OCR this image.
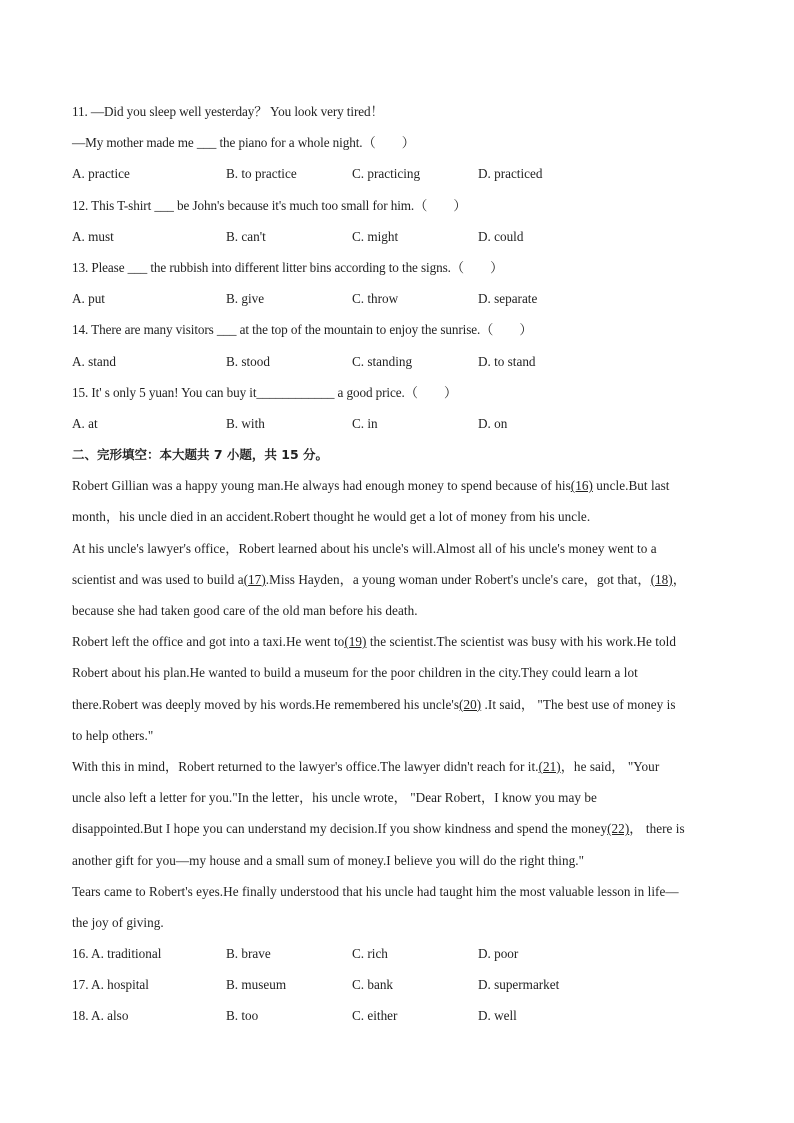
11. —Did you sleep well yesterday？ You look very tired！
—My mother made me ___ the piano for a whole night.（　　）
A. practice	B. to practice	C. practicing	D. practiced
12. This T-shirt ___ be John's because it's much too small for him.（　　）
A. must	B. can't	C. might	D. could
13. Please ___ the rubbish into different litter bins according to the signs.（　　）
A. put	B. give	C. throw	D. separate
14. There are many visitors ___ at the top of the mountain to enjoy the sunrise.（　　）
A. stand	B. stood	C. standing	D. to stand
15. It' s only 5 yuan! You can buy it____________ a good price.（　　）
A. at	B. with	C. in	D. on
二、完形填空：本大题共 7 小题，共 15 分。
Robert Gillian was a happy young man.He always had enough money to spend because of his(16) uncle.But last
month，his uncle died in an accident.Robert thought he would get a lot of money from his uncle.
At his uncle's lawyer's office，Robert learned about his uncle's will.Almost all of his uncle's money went to a
scientist and was used to build a(17).Miss Hayden，a young woman under Robert's uncle's care，got that，(18)，
because she had taken good care of the old man before his death.
Robert left the office and got into a taxi.He went to(19) the scientist.The scientist was busy with his work.He told
Robert about his plan.He wanted to build a museum for the poor children in the city.They could learn a lot
there.Robert was deeply moved by his words.He remembered his uncle's(20) .It said， "The best use of money is
to help others."
With this in mind，Robert returned to the lawyer's office.The lawyer didn't reach for it.(21)，he said， "Your
uncle also left a letter for you."In the letter，his uncle wrote， "Dear Robert，I know you may be
disappointed.But I hope you can understand my decision.If you show kindness and spend the money(22)， there is
another gift for you—my house and a small sum of money.I believe you will do the right thing."
Tears came to Robert's eyes.He finally understood that his uncle had taught him the most valuable lesson in life—
the joy of giving.
16. A. traditional	B. brave	C. rich	D. poor
17. A. hospital	B. museum	C. bank	D. supermarket
18. A. also	B. too	C. either	D. well
